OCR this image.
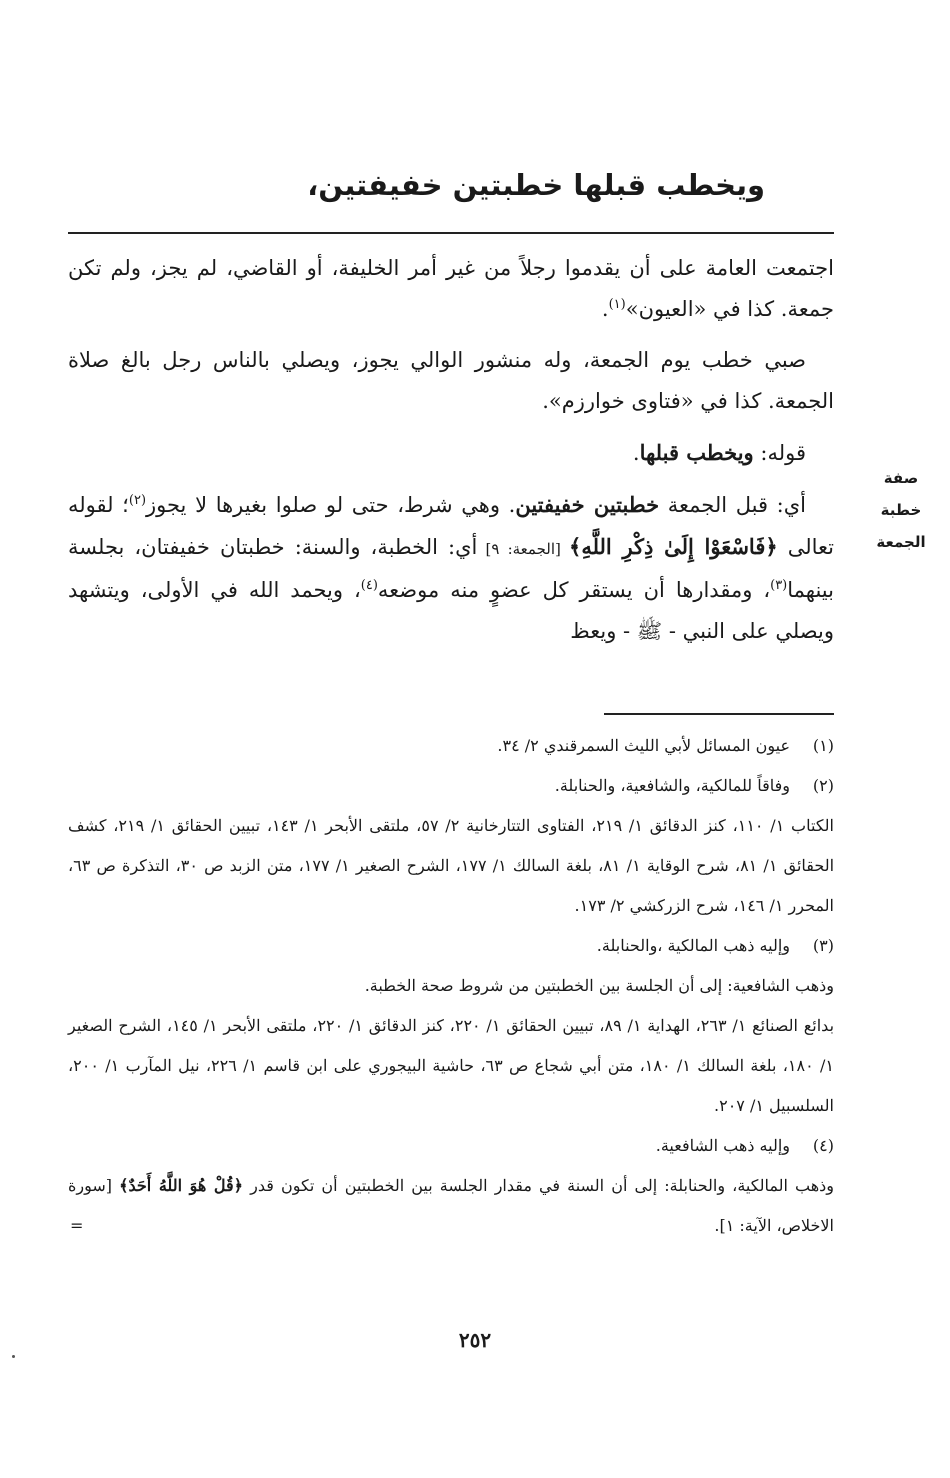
ويخطب قبلها خطبتين خفيفتين،

اجتمعت العامة على أن يقدموا رجلاً من غير أمر الخليفة، أو القاضي، لم يجز، ولم تكن جمعة. كذا في «العيون»$^{(١)}$.

صبي خطب يوم الجمعة، وله منشور الوالي يجوز، ويصلي بالناس رجل بالغ صلاة الجمعة. كذا في «فتاوى خوارزم».

قوله: ويخطب قبلها.

أي: قبل الجمعة خطبتين خفيفتين. وهي شرط، حتى لو صلوا بغيرها لا يجوز$^{(٢)}$؛ لقوله تعالى ﴿فَاسْعَوْا إِلَىٰ ذِكْرِ اللَّهِ﴾ [الجمعة: ٩] أي: الخطبة، والسنة: خطبتان خفيفتان، بجلسة بينهما$^{(٣)}$، ومقدارها أن يستقر كل عضوٍ منه موضعه$^{(٤)}$، ويحمد الله في الأولى، ويتشهد ويصلي على النبي - ﷺ - ويعظ

صفة
خطبة
الجمعة

(١)عيون المسائل لأبي الليث السمرقندي ٢/ ٣٤.

(٢)وفاقاً للمالكية، والشافعية، والحنابلة.

الكتاب ١/ ١١٠، كنز الدقائق ١/ ٢١٩، الفتاوى التتارخانية ٢/ ٥٧، ملتقى الأبحر ١/ ١٤٣، تبيين الحقائق ١/ ٢١٩، كشف الحقائق ١/ ٨١، شرح الوقاية ١/ ٨١، بلغة السالك ١/ ١٧٧، الشرح الصغير ١/ ١٧٧، متن الزبد ص ٣٠، التذكرة ص ٦٣، المحرر ١/ ١٤٦، شرح الزركشي ٢/ ١٧٣.

(٣)وإليه ذهب المالكية ،والحنابلة.

وذهب الشافعية: إلى أن الجلسة بين الخطبتين من شروط صحة الخطبة.

بدائع الصنائع ١/ ٢٦٣، الهداية ١/ ٨٩، تبيين الحقائق ١/ ٢٢٠، كنز الدقائق ١/ ٢٢٠، ملتقى الأبحر ١/ ١٤٥، الشرح الصغير ١/ ١٨٠، بلغة السالك ١/ ١٨٠، متن أبي شجاع ص ٦٣، حاشية البيجوري على ابن قاسم ١/ ٢٢٦، نيل المآرب ١/ ٢٠٠، السلسبيل ١/ ٢٠٧.

(٤)وإليه ذهب الشافعية.

وذهب المالكية، والحنابلة: إلى أن السنة في مقدار الجلسة بين الخطبتين أن تكون قدر ﴿قُلْ هُوَ اللَّهُ أَحَدٌ﴾ [سورة الاخلاص، الآية: ١].

=
٢٥٢
